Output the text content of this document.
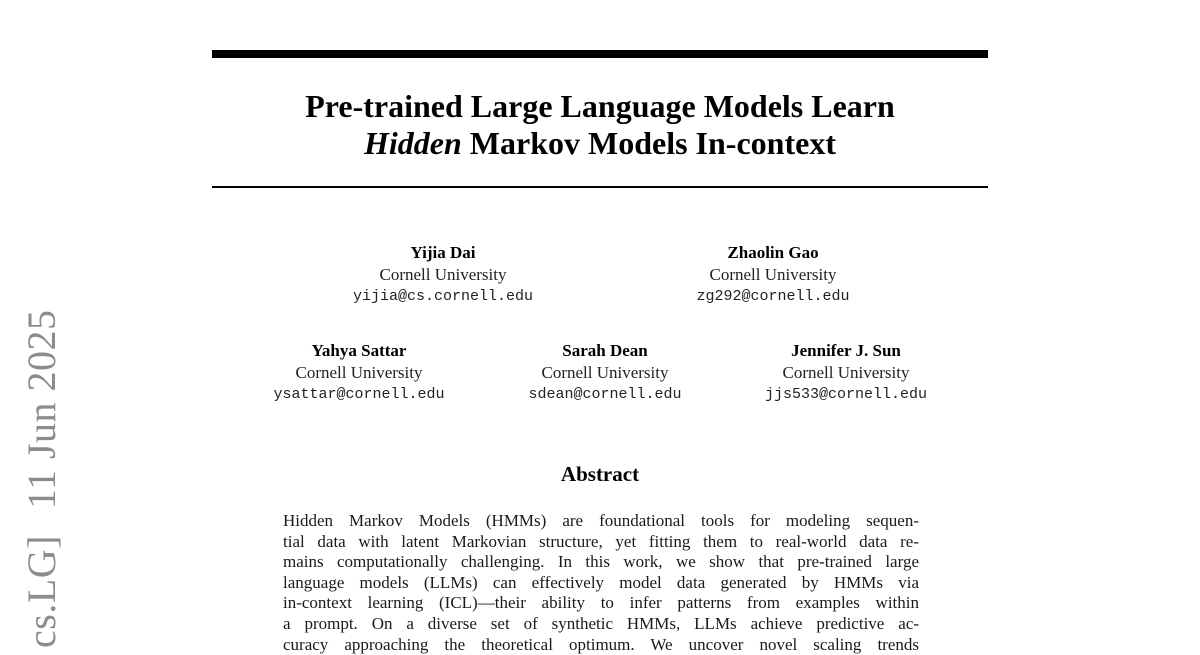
cs.LG]11 Jun 2025
Pre-trained Large Language Models Learn
Hidden Markov Models In-context
Yijia Dai
Cornell University
yijia@cs.cornell.edu
Zhaolin Gao
Cornell University
zg292@cornell.edu
Yahya Sattar
Cornell University
ysattar@cornell.edu
Sarah Dean
Cornell University
sdean@cornell.edu
Jennifer J. Sun
Cornell University
jjs533@cornell.edu
Abstract
Hidden Markov Models (HMMs) are foundational tools for modeling sequen-
tial data with latent Markovian structure, yet fitting them to real-world data re-
mains computationally challenging. In this work, we show that pre-trained large
language models (LLMs) can effectively model data generated by HMMs via
in-context learning (ICL)—their ability to infer patterns from examples within
a prompt. On a diverse set of synthetic HMMs, LLMs achieve predictive ac-
curacy approaching the theoretical optimum. We uncover novel scaling trends
